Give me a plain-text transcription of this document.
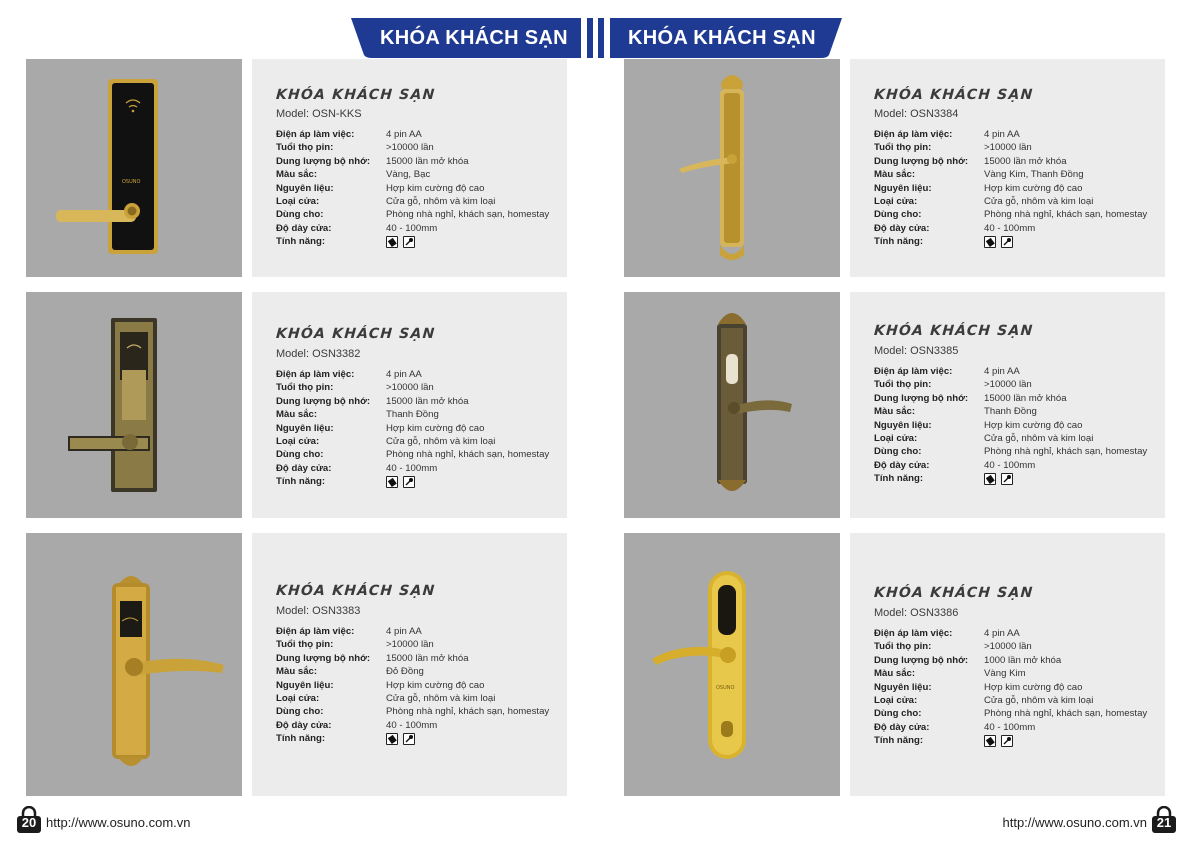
KHÓA KHÁCH SẠN	KHÓA KHÁCH SẠN
OSUNO
KHÓA KHÁCH SẠN
Model: OSN-KKS
Điện áp làm việc:	4 pin AA
Tuổi thọ pin:	>10000 lần
Dung lượng bộ nhớ:	15000 lần mở khóa
Màu sắc:	Vàng, Bạc
Nguyên liệu:	Hợp kim cường độ cao
Loại cửa:	Cửa gỗ, nhôm và kim loại
Dùng cho:	Phòng nhà nghỉ, khách sạn, homestay
Độ dày cửa:	40 - 100mm
Tính năng:
KHÓA KHÁCH SẠN
Model: OSN3384
Điện áp làm việc:	4 pin AA
Tuổi thọ pin:	>10000 lần
Dung lượng bộ nhớ:	15000 lần mở khóa
Màu sắc:	Vàng Kim, Thanh Đồng
Nguyên liệu:	Hợp kim cường độ cao
Loại cửa:	Cửa gỗ, nhôm và kim loại
Dùng cho:	Phòng nhà nghỉ, khách sạn, homestay
Độ dày cửa:	40 - 100mm
Tính năng:
KHÓA KHÁCH SẠN
Model: OSN3382
Điện áp làm việc:	4 pin AA
Tuổi thọ pin:	>10000 lần
Dung lượng bộ nhớ:	15000 lần mở khóa
Màu sắc:	Thanh Đồng
Nguyên liệu:	Hợp kim cường độ cao
Loại cửa:	Cửa gỗ, nhôm và kim loại
Dùng cho:	Phòng nhà nghỉ, khách sạn, homestay
Độ dày cửa:	40 - 100mm
Tính năng:
KHÓA KHÁCH SẠN
Model: OSN3385
Điện áp làm việc:	4 pin AA
Tuổi thọ pin:	>10000 lần
Dung lượng bộ nhớ:	15000 lần mở khóa
Màu sắc:	Thanh Đồng
Nguyên liệu:	Hợp kim cường độ cao
Loại cửa:	Cửa gỗ, nhôm và kim loại
Dùng cho:	Phòng nhà nghỉ, khách sạn, homestay
Độ dày cửa:	40 - 100mm
Tính năng:
KHÓA KHÁCH SẠN
Model: OSN3383
Điện áp làm việc:	4 pin AA
Tuổi thọ pin:	>10000 lần
Dung lượng bộ nhớ:	15000 lần mở khóa
Màu sắc:	Đỏ Đồng
Nguyên liệu:	Hợp kim cường độ cao
Loại cửa:	Cửa gỗ, nhôm và kim loại
Dùng cho:	Phòng nhà nghỉ, khách sạn, homestay
Độ dày cửa:	40 - 100mm
Tính năng:
OSUNO
KHÓA KHÁCH SẠN
Model: OSN3386
Điện áp làm việc:	4 pin AA
Tuổi thọ pin:	>10000 lần
Dung lượng bộ nhớ:	1000 lần mở khóa
Màu sắc:	Vàng Kim
Nguyên liệu:	Hợp kim cường độ cao
Loại cửa:	Cửa gỗ, nhôm và kim loại
Dùng cho:	Phòng nhà nghỉ, khách sạn, homestay
Độ dày cửa:	40 - 100mm
Tính năng:
20 http://www.osuno.com.vn	http://www.osuno.com.vn 21
